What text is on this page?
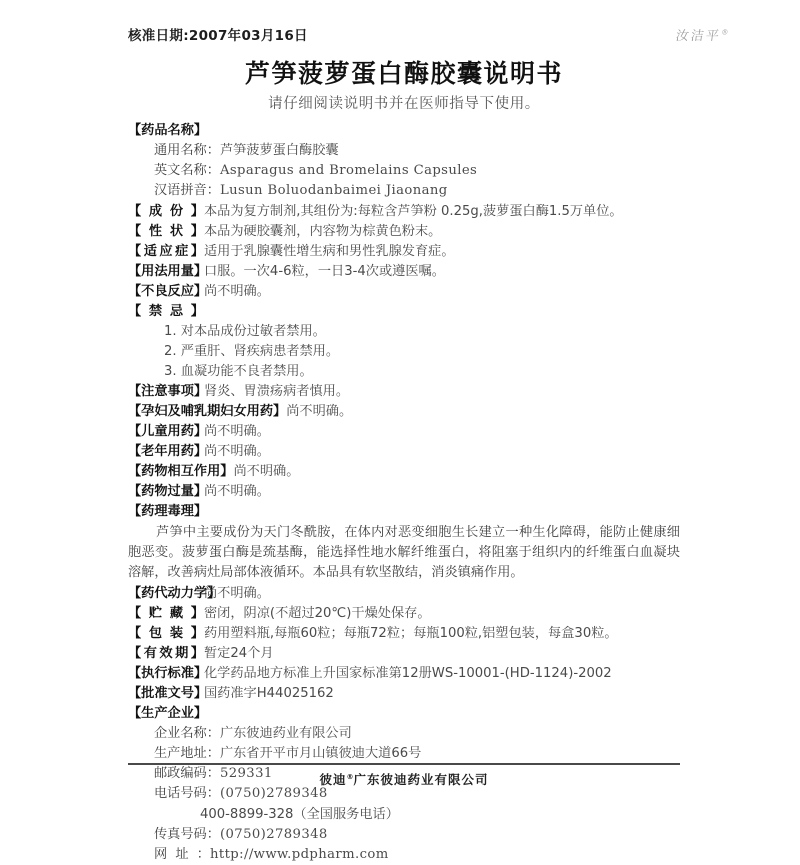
核准日期:2007年03月16日	汝洁平®
芦笋菠萝蛋白酶胶囊说明书
请仔细阅读说明书并在医师指导下使用。
【药品名称】
通用名称：芦笋菠萝蛋白酶胶囊
英文名称：Asparagus and Bromelains Capsules
汉语拼音：Lusun Boluodanbaimei Jiaonang
【成份】本品为复方制剂,其组份为:每粒含芦笋粉 0.25g,菠萝蛋白酶1.5万单位。
【性状】本品为硬胶囊剂，内容物为棕黄色粉末。
【适应症】适用于乳腺囊性增生病和男性乳腺发育症。
【用法用量】口服。一次4-6粒，一日3-4次或遵医嘱。
【不良反应】尚不明确。
【禁忌】
1. 对本品成份过敏者禁用。
2. 严重肝、肾疾病患者禁用。
3. 血凝功能不良者禁用。
【注意事项】肾炎、胃溃疡病者慎用。
【孕妇及哺乳期妇女用药】尚不明确。
【儿童用药】尚不明确。
【老年用药】尚不明确。
【药物相互作用】尚不明确。
【药物过量】尚不明确。
【药理毒理】
芦笋中主要成份为天门冬酰胺，在体内对恶变细胞生长建立一种生化障碍，能防止健康细胞恶变。菠萝蛋白酶是巯基酶，能选择性地水解纤维蛋白，将阻塞于组织内的纤维蛋白血凝块溶解，改善病灶局部体液循环。本品具有软坚散结，消炎镇痛作用。
【药代动力学】尚不明确。
【贮藏】密闭，阴凉(不超过20℃)干燥处保存。
【包装】药用塑料瓶,每瓶60粒；每瓶72粒；每瓶100粒,铝塑包装，每盒30粒。
【有效期】暂定24个月
【执行标准】化学药品地方标准上升国家标准第12册WS-10001-(HD-1124)-2002
【批准文号】国药准字H44025162
【生产企业】
企业名称：广东彼迪药业有限公司
生产地址：广东省开平市月山镇彼迪大道66号
邮政编码：529331
电话号码：(0750)2789348
400-8899-328（全国服务电话）
传真号码：(0750)2789348
网址：http://www.pdpharm.com
彼迪®广东彼迪药业有限公司
